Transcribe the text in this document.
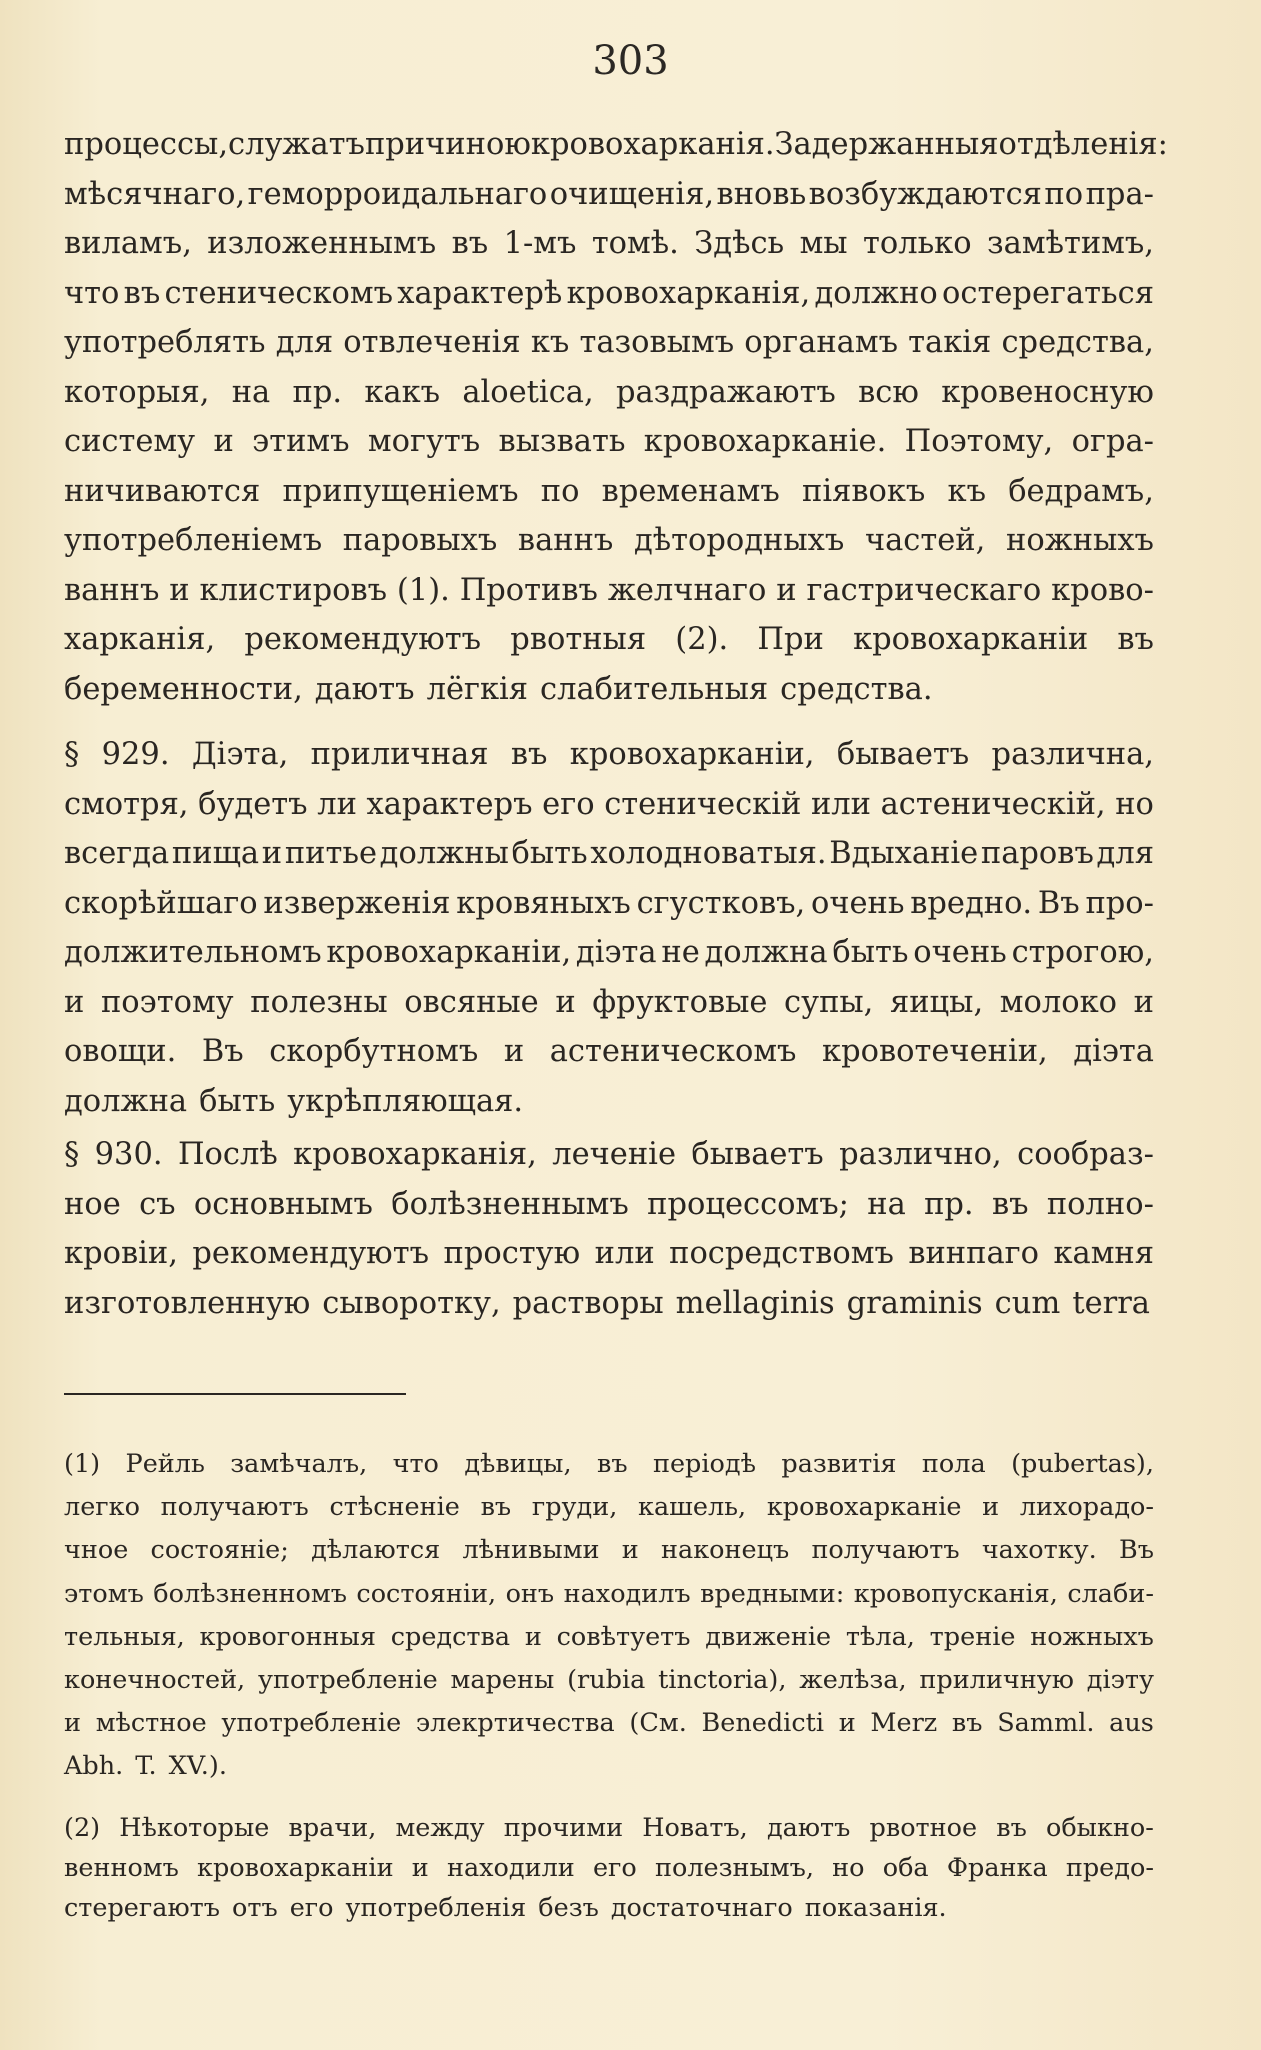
303
процессы, служатъ причиною кровохарканія. Задержанныя отдѣленія:
мѣсячнаго, геморроидальнаго очищенія, вновь возбуждаются по пра-
виламъ, изложеннымъ въ 1-мъ томѣ. Здѣсь мы только замѣтимъ,
что въ стеническомъ характерѣ кровохарканія, должно остерегаться
употреблять для отвлеченія къ тазовымъ органамъ такія средства,
которыя, на пр. какъ aloetica, раздражаютъ всю кровеносную
систему и этимъ могутъ вызвать кровохарканіе. Поэтому, огра-
ничиваются припущеніемъ по временамъ піявокъ къ бедрамъ,
употребленіемъ паровыхъ ваннъ дѣтородныхъ частей, ножныхъ
ваннъ и клистировъ (1). Противъ желчнаго и гастрическаго крово-
харканія, рекомендуютъ рвотныя (2). При кровохарканіи въ
беременности, даютъ лёгкія слабительныя средства.
§ 929. Діэта, приличная въ кровохарканіи, бываетъ различна,
смотря, будетъ ли характеръ его стеническій или астеническій, но
всегда пища и питье должны быть холодноватыя. Вдыханіе паровъ для
скорѣйшаго изверженія кровяныхъ сгустковъ, очень вредно. Въ про-
должительномъ кровохарканіи, діэта не должна быть очень строгою,
и поэтому полезны овсяные и фруктовые супы, яицы, молоко и
овощи. Въ скорбутномъ и астеническомъ кровотеченіи, діэта
должна быть укрѣпляющая.
§ 930. Послѣ кровохарканія, леченіе бываетъ различно, сообраз-
ное съ основнымъ болѣзненнымъ процессомъ; на пр. въ полно-
кровіи, рекомендуютъ простую или посредствомъ винпаго камня
изготовленную сыворотку, растворы mellaginis graminis cum terra
(1) Рейль замѣчалъ, что дѣвицы, въ періодѣ развитія пола (pubertas),
легко получаютъ стѣсненіе въ груди, кашель, кровохарканіе и лихорадо-
чное состояніе; дѣлаются лѣнивыми и наконецъ получаютъ чахотку. Въ
этомъ болѣзненномъ состояніи, онъ находилъ вредными: кровопусканія, слаби-
тельныя, кровогонныя средства и совѣтуетъ движеніе тѣла, треніе ножныхъ
конечностей, употребленіе марены (rubia tinctoria), желѣза, приличную діэту
и мѣстное употребленіе элекртичества (См. Benedicti и Merz въ Samml. aus
Abh. T. XV.).
(2) Нѣкоторые врачи, между прочими Новатъ, даютъ рвотное въ обыкно-
венномъ кровохарканіи и находили его полезнымъ, но оба Франка предо-
стерегаютъ отъ его употребленія безъ достаточнаго показанія.
